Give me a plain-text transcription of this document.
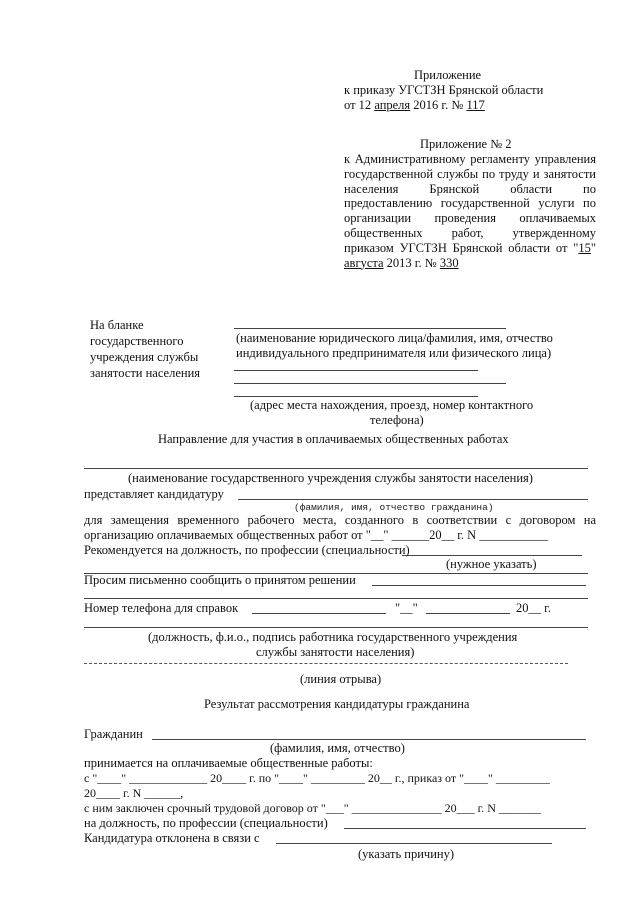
Приложение
к приказу УГСТЗН Брянской области
от 12 апреля 2016 г. № 117
Приложение № 2
к Административному регламенту управления государственной службы по труду и занятости населения Брянской области по предоставлению государственной услуги по организации проведения оплачиваемых общественных работ, утвержденному приказом УГСТЗН Брянской области от "15" августа 2013 г. № 330
На бланке
государственного
учреждения службы
занятости населения
(наименование юридического лица/фамилия, имя, отчество
индивидуального предпринимателя или физического лица)
(адрес места нахождения, проезд, номер контактного
телефона)
Направление для участия в оплачиваемых общественных работах
(наименование государственного учреждения службы занятости населения)
представляет кандидатуру
(фамилия, имя, отчество гражданина)
для замещения временного рабочего места, созданного в соответствии с договором на организацию оплачиваемых общественных работ от "__" ______20__ г. N ___________
Рекомендуется на должность, по профессии (специальности)
(нужное указать)
Просим письменно сообщить о принятом решении
Номер телефона для справок	"__"	20__ г.
(должность, ф.и.о., подпись работника государственного учреждения
службы занятости населения)
(линия отрыва)
Результат рассмотрения кандидатуры гражданина
Гражданин
(фамилия, имя, отчество)
принимается на оплачиваемые общественные работы:
с "____" _____________ 20____ г. по "____" _________ 20__ г., приказ от "____" _________
20____ г. N ______,
с ним заключен срочный трудовой договор от "___" _______________ 20___ г. N _______
на должность, по профессии (специальности)
Кандидатура отклонена в связи с
(указать причину)
